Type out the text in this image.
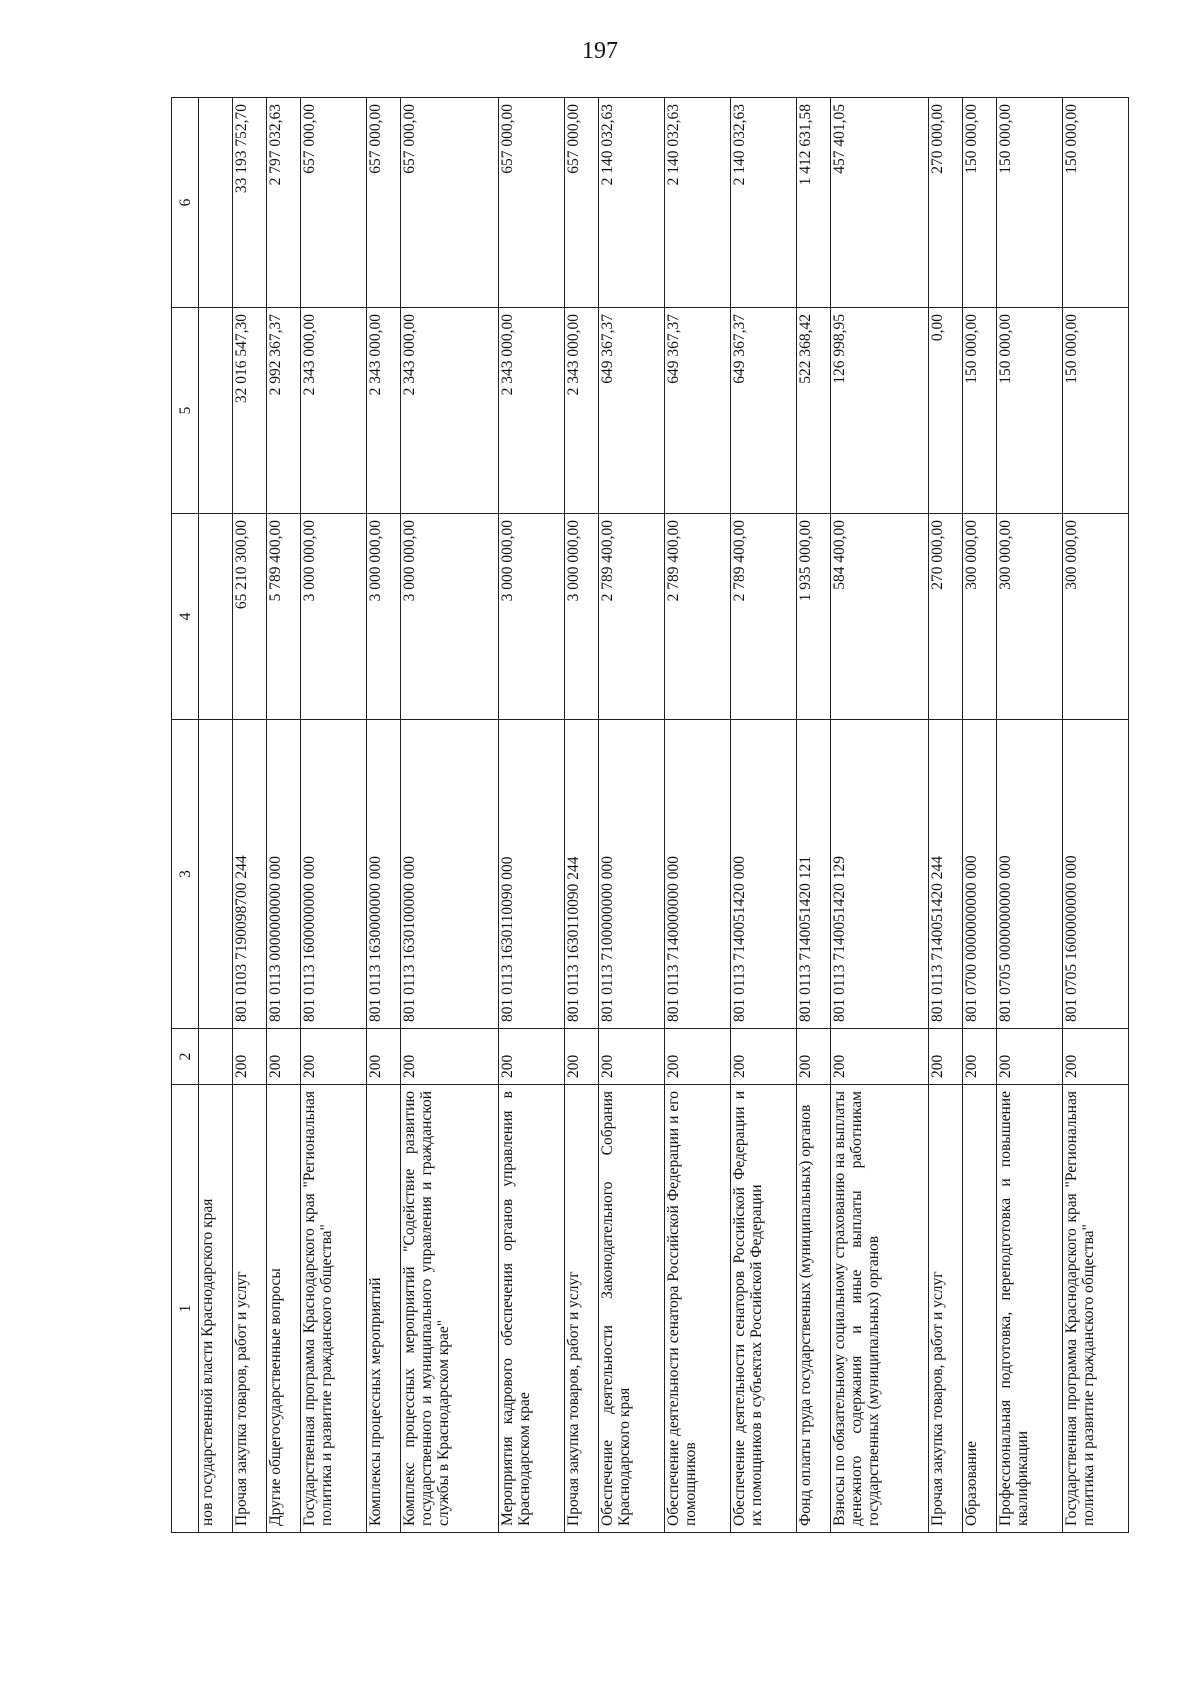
197
1	2	3	4	5	6
нов государственной власти Краснодарского края					
Прочая закупка товаров, работ и услуг	200	801 0103 7190098700 244	65 210 300,00	32 016 547,30	33 193 752,70
Другие общегосударственные вопросы	200	801 0113 0000000000 000	5 789 400,00	2 992 367,37	2 797 032,63
Государственная программа Краснодарского края "Региональная политика и развитие гражданского общества"	200	801 0113 1600000000 000	3 000 000,00	2 343 000,00	657 000,00
Комплексы процессных мероприятий	200	801 0113 1630000000 000	3 000 000,00	2 343 000,00	657 000,00
Комплекс процессных мероприятий "Содействие развитию государственного и муниципального управления и гражданской службы в Краснодарском крае"	200	801 0113 1630100000 000	3 000 000,00	2 343 000,00	657 000,00
Мероприятия кадрового обеспечения органов управления в Краснодарском крае	200	801 0113 1630110090 000	3 000 000,00	2 343 000,00	657 000,00
Прочая закупка товаров, работ и услуг	200	801 0113 1630110090 244	3 000 000,00	2 343 000,00	657 000,00
Обеспечение деятельности Законодательного Собрания Краснодарского края	200	801 0113 7100000000 000	2 789 400,00	649 367,37	2 140 032,63
Обеспечение деятельности сенатора Российской Федерации и его помощников	200	801 0113 7140000000 000	2 789 400,00	649 367,37	2 140 032,63
Обеспечение деятельности сенаторов Российской Федерации и их помощников в субъектах Российской Федерации	200	801 0113 7140051420 000	2 789 400,00	649 367,37	2 140 032,63
Фонд оплаты труда государственных (муниципальных) органов	200	801 0113 7140051420 121	1 935 000,00	522 368,42	1 412 631,58
Взносы по обязательному социальному страхованию на выплаты денежного содержания и иные выплаты работникам государственных (муниципальных) органов	200	801 0113 7140051420 129	584 400,00	126 998,95	457 401,05
Прочая закупка товаров, работ и услуг	200	801 0113 7140051420 244	270 000,00	0,00	270 000,00
Образование	200	801 0700 0000000000 000	300 000,00	150 000,00	150 000,00
Профессиональная подготовка, переподготовка и повышение квалификации	200	801 0705 0000000000 000	300 000,00	150 000,00	150 000,00
Государственная программа Краснодарского края "Региональная политика и развитие гражданского общества"	200	801 0705 1600000000 000	300 000,00	150 000,00	150 000,00
